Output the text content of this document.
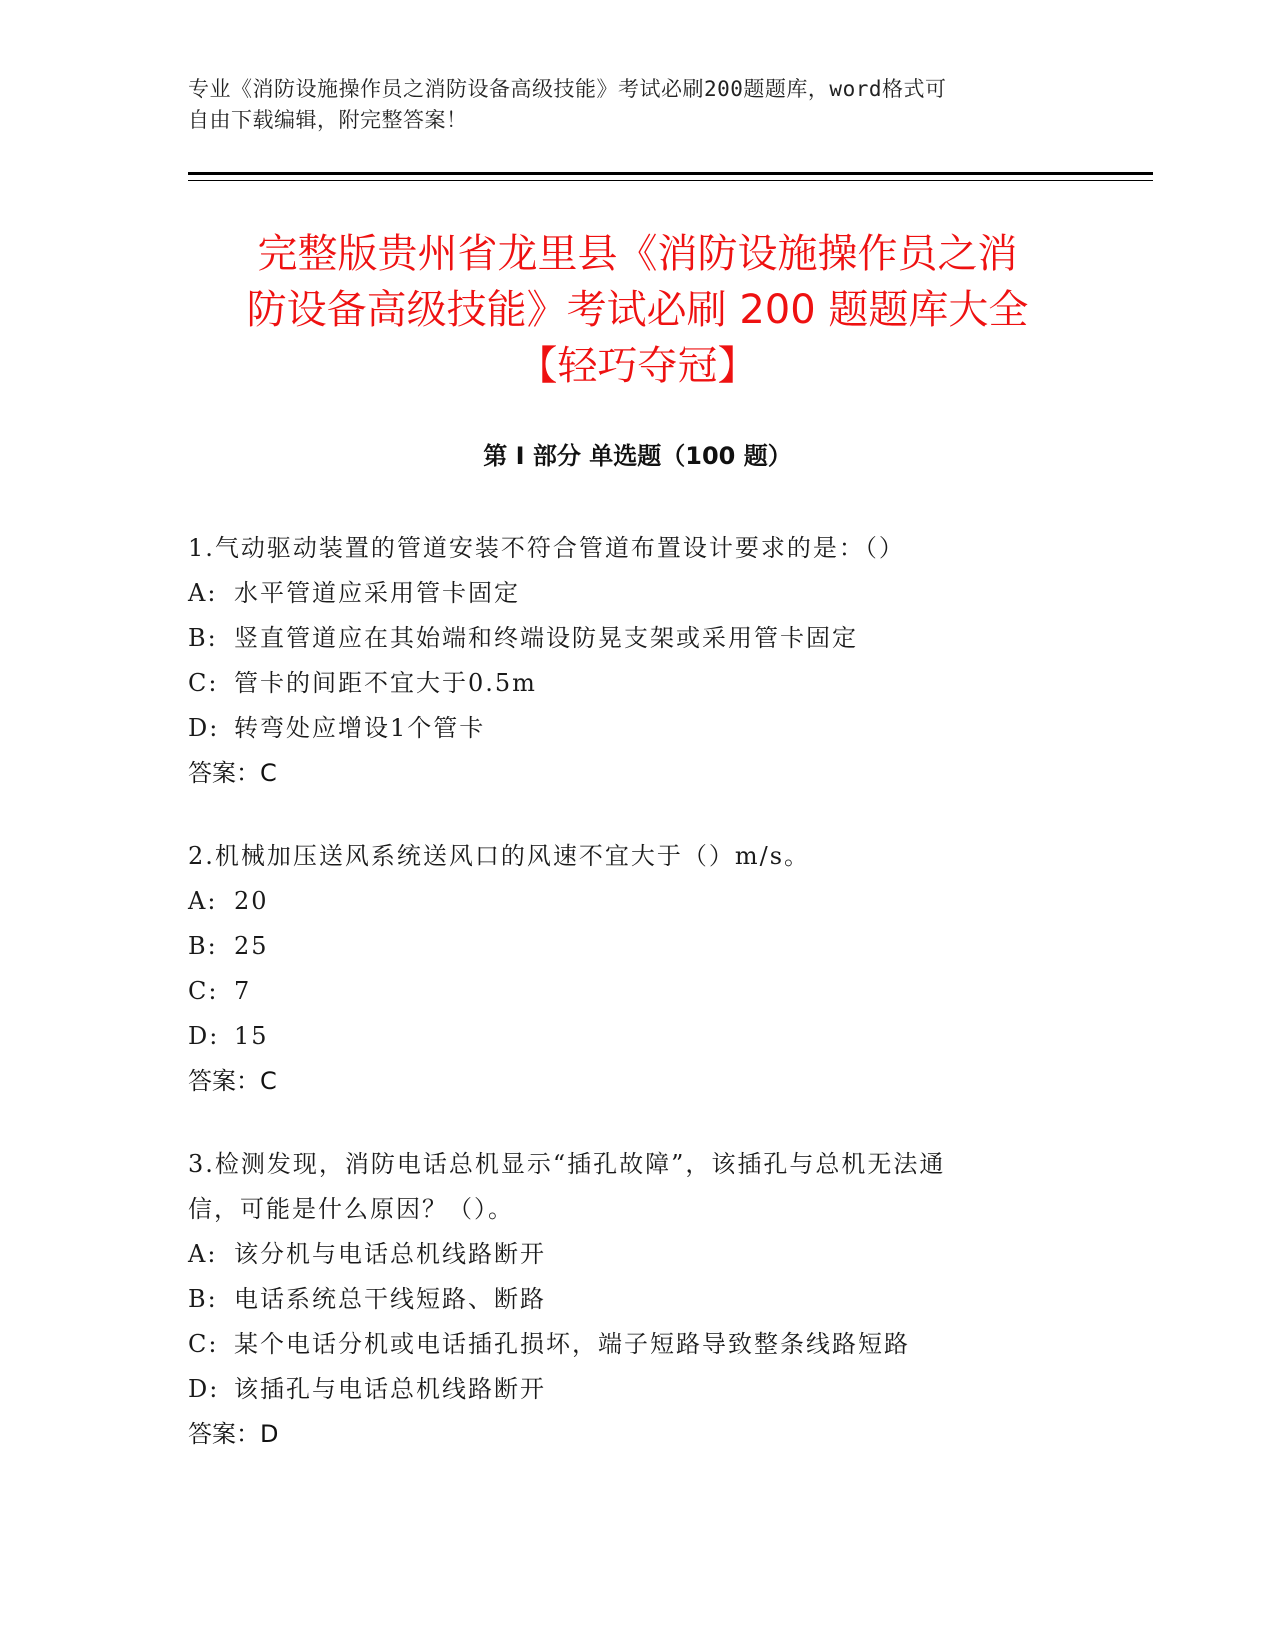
专业《消防设施操作员之消防设备高级技能》考试必刷200题题库，word格式可
自由下载编辑，附完整答案！
完整版贵州省龙里县《消防设施操作员之消
防设备高级技能》考试必刷 200 题题库大全
【轻巧夺冠】
第 I 部分 单选题（100 题）
1.气动驱动装置的管道安装不符合管道布置设计要求的是：（）
A: 水平管道应采用管卡固定
B: 竖直管道应在其始端和终端设防晃支架或采用管卡固定
C: 管卡的间距不宜大于0.5m
D: 转弯处应增设1个管卡
答案：C
2.机械加压送风系统送风口的风速不宜大于（）m/s。
A: 20
B: 25
C: 7
D: 15
答案：C
3.检测发现，消防电话总机显示“插孔故障”，该插孔与总机无法通
信，可能是什么原因？（）。
A: 该分机与电话总机线路断开
B: 电话系统总干线短路、断路
C: 某个电话分机或电话插孔损坏，端子短路导致整条线路短路
D: 该插孔与电话总机线路断开
答案：D
